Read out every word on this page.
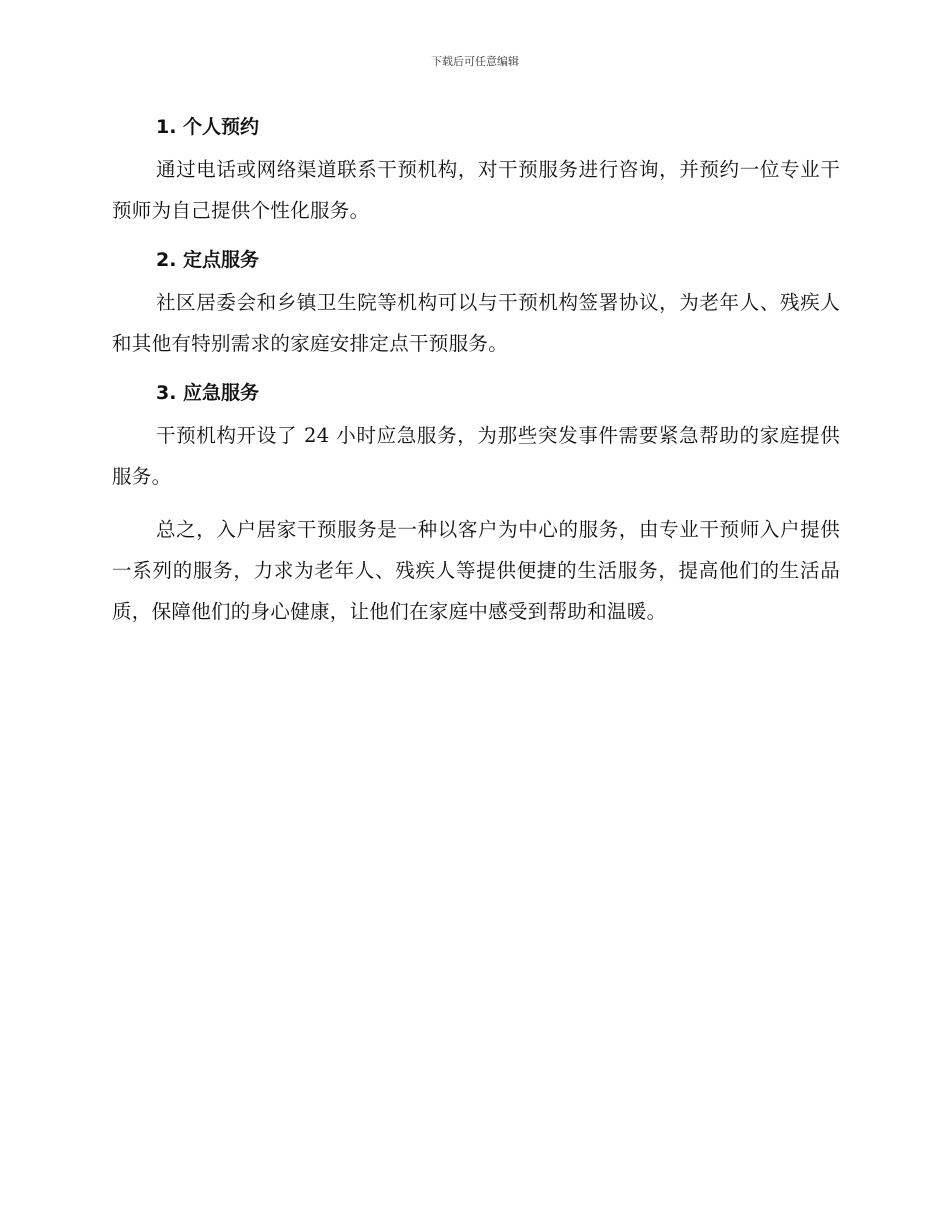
下载后可任意编辑
1. 个人预约

通过电话或网络渠道联系干预机构，对干预服务进行咨询，并预约一位专业干预师为自己提供个性化服务。

2. 定点服务

社区居委会和乡镇卫生院等机构可以与干预机构签署协议，为老年人、残疾人和其他有特别需求的家庭安排定点干预服务。

3. 应急服务

干预机构开设了 24 小时应急服务，为那些突发事件需要紧急帮助的家庭提供服务。

总之，入户居家干预服务是一种以客户为中心的服务，由专业干预师入户提供一系列的服务，力求为老年人、残疾人等提供便捷的生活服务，提高他们的生活品质，保障他们的身心健康，让他们在家庭中感受到帮助和温暖。
